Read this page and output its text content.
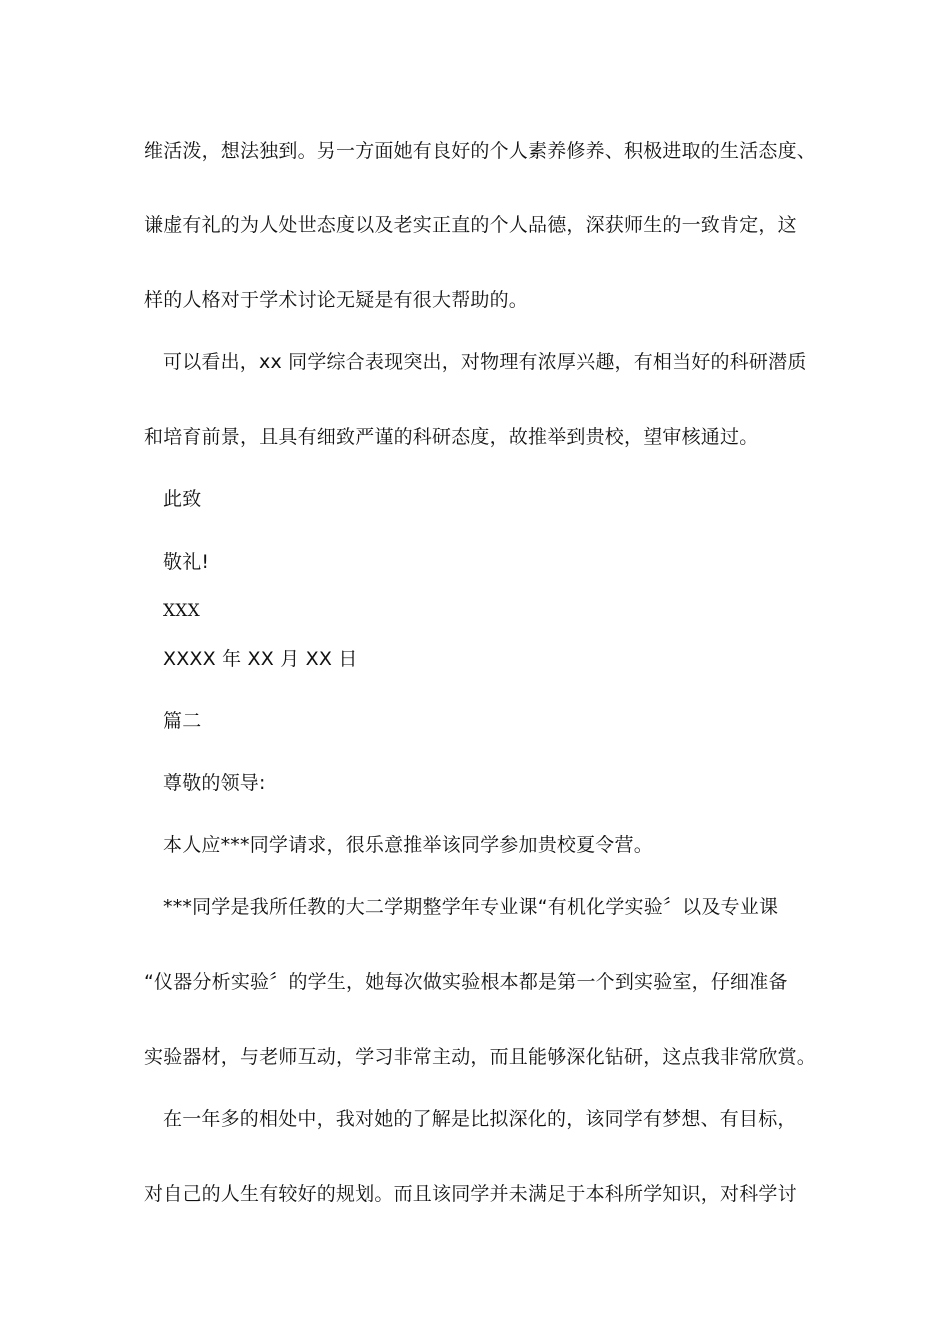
维活泼，想法独到。另一方面她有良好的个人素养修养、积极进取的生活态度、
谦虚有礼的为人处世态度以及老实正直的个人品德，深获师生的一致肯定，这
样的人格对于学术讨论无疑是有很大帮助的。
可以看出，xx 同学综合表现突出，对物理有浓厚兴趣，有相当好的科研潜质
和培育前景，且具有细致严谨的科研态度，故推举到贵校，望审核通过。
此致
敬礼!
XXX
XXXX 年 XX 月 XX 日
篇二
尊敬的领导:
本人应***同学请求，很乐意推举该同学参加贵校夏令营。
***同学是我所任教的大二学期整学年专业课“有机化学实验〞以及专业课
“仪器分析实验〞的学生，她每次做实验根本都是第一个到实验室，仔细准备
实验器材，与老师互动，学习非常主动，而且能够深化钻研，这点我非常欣赏。
在一年多的相处中，我对她的了解是比拟深化的，该同学有梦想、有目标，
对自己的人生有较好的规划。而且该同学并未满足于本科所学知识，对科学讨
